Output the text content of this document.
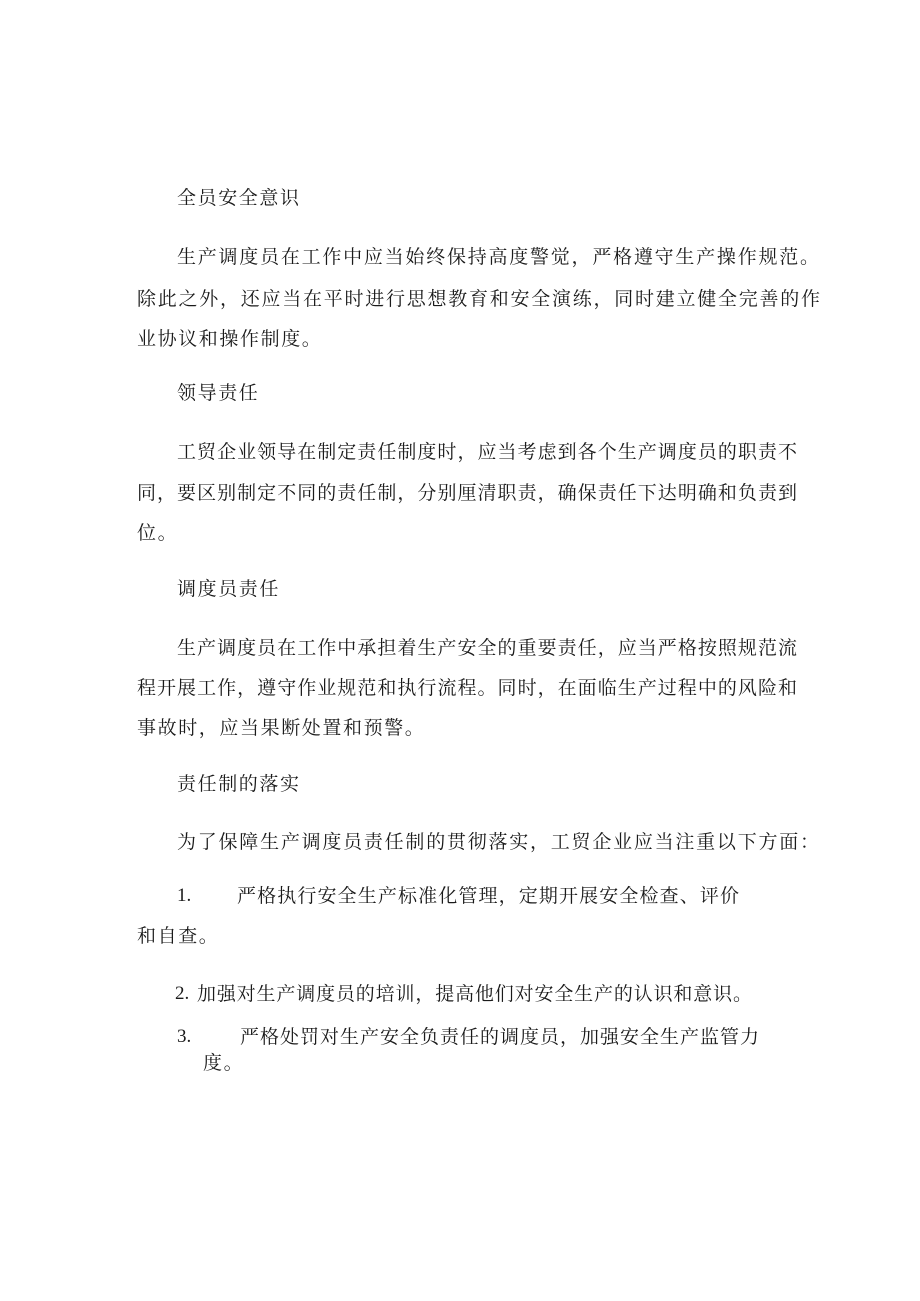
全员安全意识
生产调度员在工作中应当始终保持高度警觉，严格遵守生产操作规范。
除此之外，还应当在平时进行思想教育和安全演练，同时建立健全完善的作
业协议和操作制度。
领导责任
工贸企业领导在制定责任制度时，应当考虑到各个生产调度员的职责不
同，要区别制定不同的责任制，分别厘清职责，确保责任下达明确和负责到
位。
调度员责任
生产调度员在工作中承担着生产安全的重要责任，应当严格按照规范流
程开展工作，遵守作业规范和执行流程。同时，在面临生产过程中的风险和
事故时，应当果断处置和预警。
责任制的落实
为了保障生产调度员责任制的贯彻落实，工贸企业应当注重以下方面：
1. 严格执行安全生产标准化管理，定期开展安全检查、评价
和自查。
2. 加强对生产调度员的培训，提高他们对安全生产的认识和意识。
3.	严格处罚对生产安全负责任的调度员，加强安全生产监管力
度。
